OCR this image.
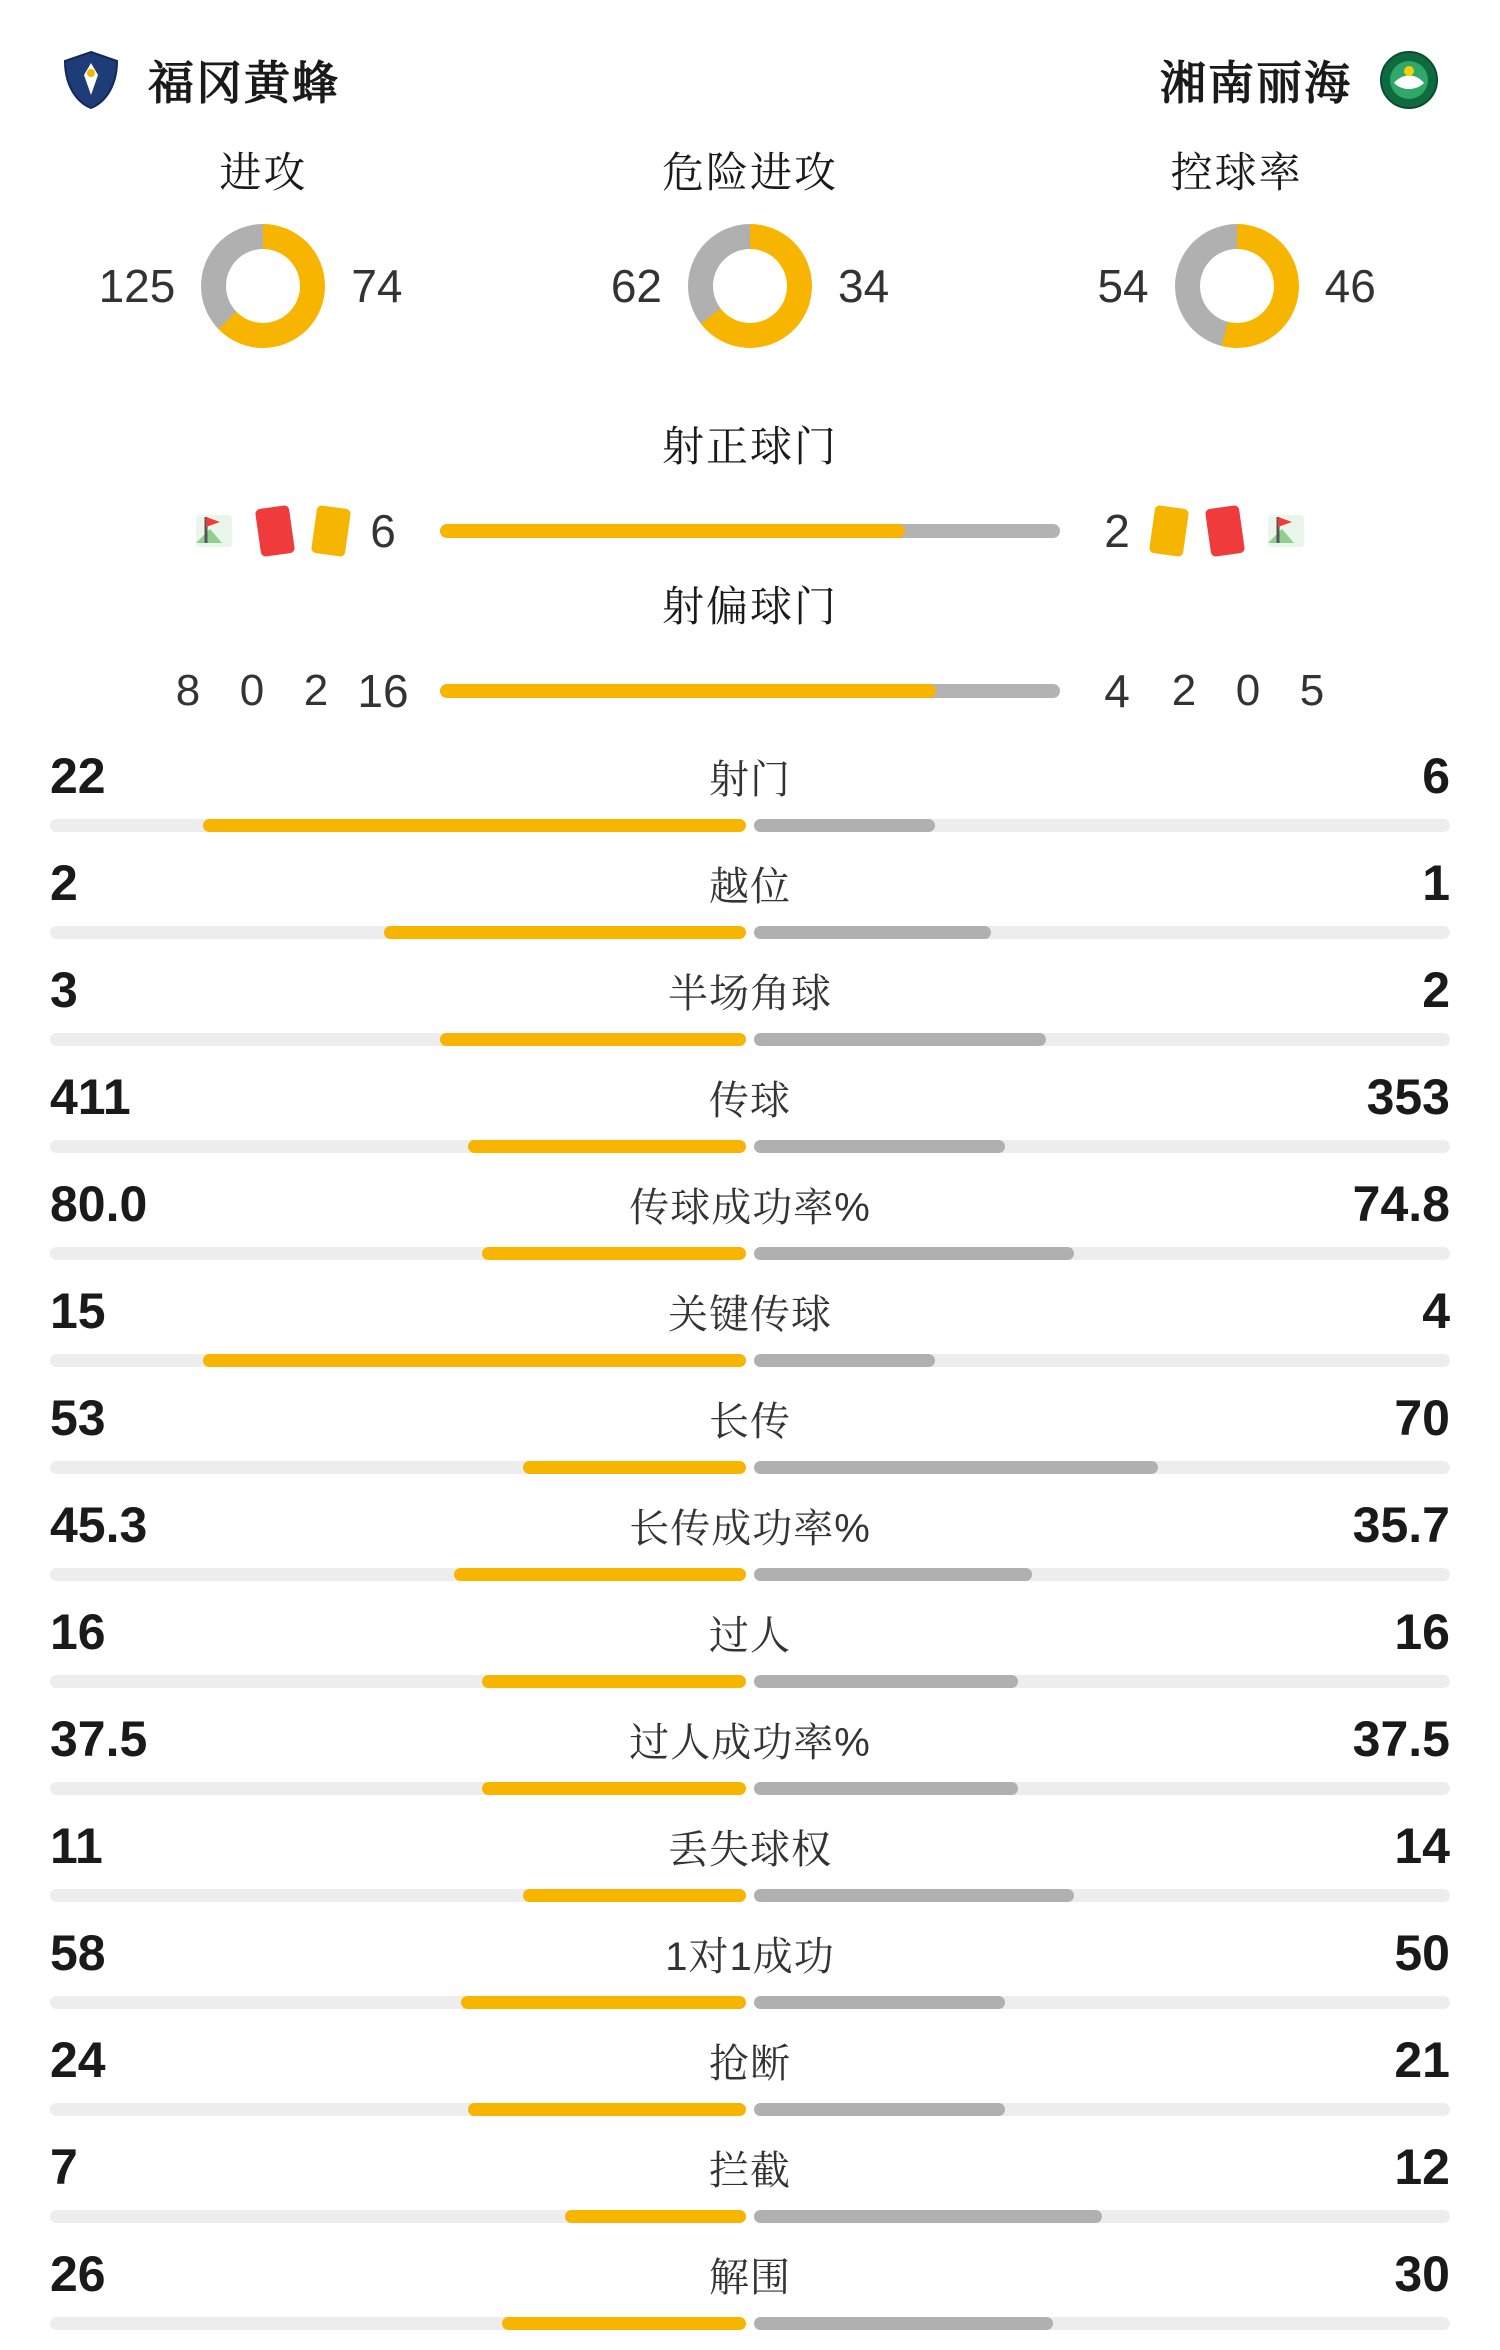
福冈黄蜂	湘南丽海
进攻
125	74
危险进攻
62	34
控球率
54	46
射正球门
6	2
射偏球门
8 0 2 16	4 2 0 5
22	射门	6
2	越位	1
3	半场角球	2
411	传球	353
80.0	传球成功率%	74.8
15	关键传球	4
53	长传	70
45.3	长传成功率%	35.7
16	过人	16
37.5	过人成功率%	37.5
11	丢失球权	14
58	1对1成功	50
24	抢断	21
7	拦截	12
26	解围	30
